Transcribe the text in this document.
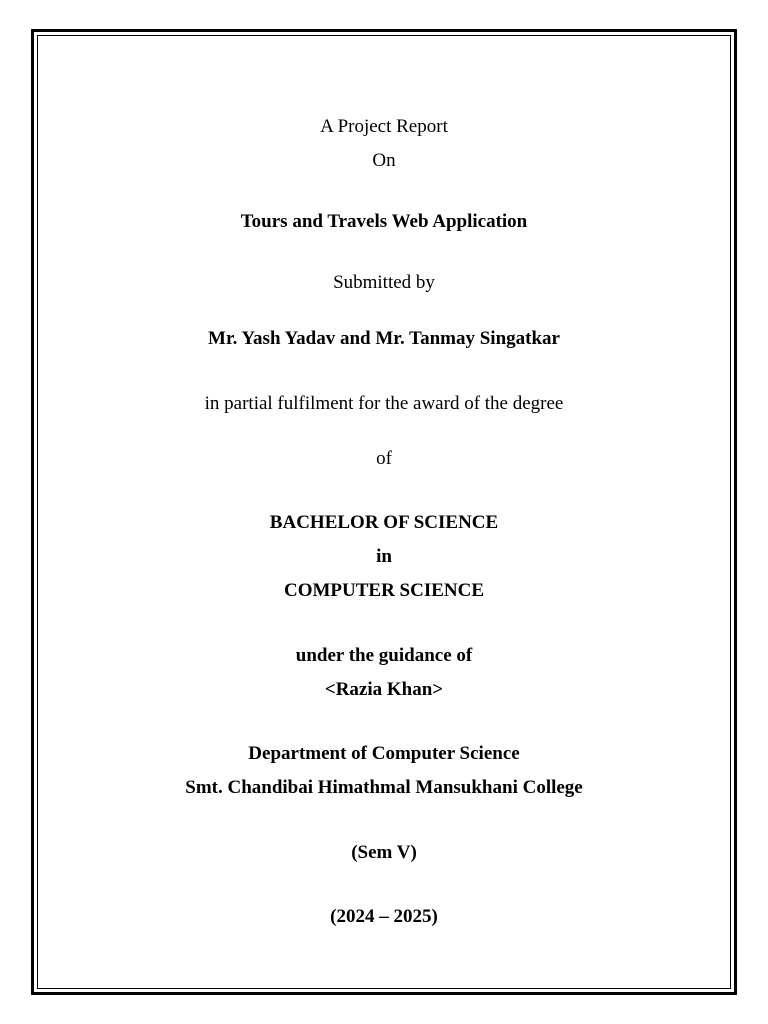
A Project Report
On
Tours and Travels Web Application
Submitted by
Mr. Yash Yadav and Mr. Tanmay Singatkar
in partial fulfilment for the award of the degree
of
BACHELOR OF SCIENCE
in
COMPUTER SCIENCE
under the guidance of
<Razia Khan>
Department of Computer Science
Smt. Chandibai Himathmal Mansukhani College
(Sem V)
(2024 – 2025)
